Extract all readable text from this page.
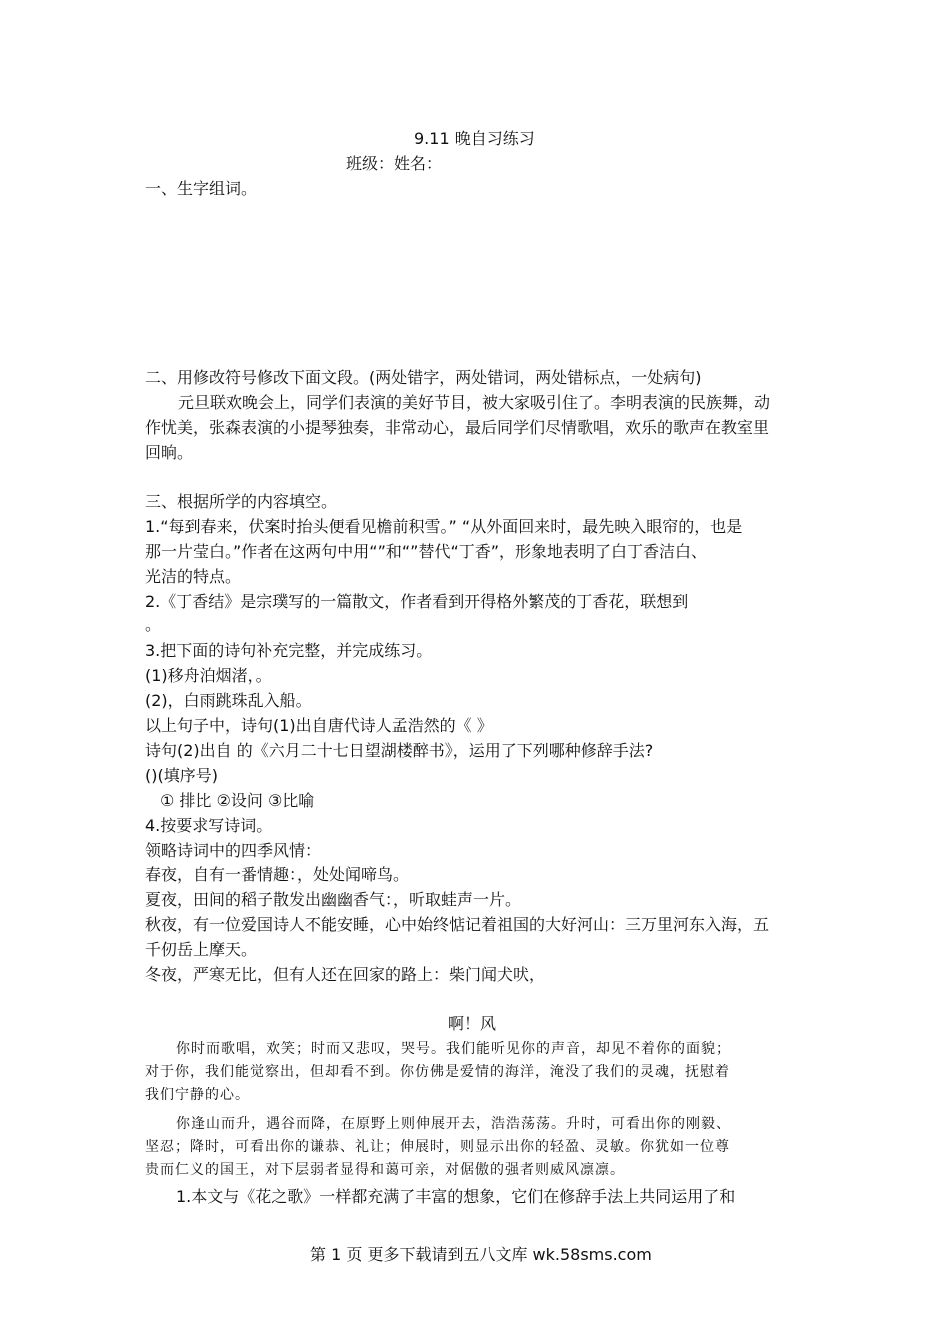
9.11 晚自习练习
班级：姓名：
一、生字组词。
二、用修改符号修改下面文段。(两处错字，两处错词，两处错标点，一处病句)
元旦联欢晚会上，同学们表演的美好节目，被大家吸引住了。李明表演的民族舞，动
作忧美，张森表演的小提琴独奏，非常动心，最后同学们尽情歌唱，欢乐的歌声在教室里
回晌。
三、根据所学的内容填空。
1.“每到春来，伏案时抬头便看见檐前积雪。” “从外面回来时，最先映入眼帘的，也是
那一片莹白。”作者在这两句中用“”和“”替代“丁香”，形象地表明了白丁香洁白、
光洁的特点。
2.《丁香结》是宗璞写的一篇散文，作者看到开得格外繁茂的丁香花，联想到
。
3.把下面的诗句补充完整，并完成练习。
(1)移舟泊烟渚，。
(2)，白雨跳珠乱入船。
以上句子中，诗句(1)出自唐代诗人孟浩然的《 》
诗句(2)出自 的《六月二十七日望湖楼醉书》，运用了下列哪种修辞手法?
()(填序号)
① 排比 ②设问 ③比喻
4.按要求写诗词。
领略诗词中的四季风情：
春夜，自有一番情趣：，处处闻啼鸟。
夏夜，田间的稻子散发出幽幽香气：，听取蛙声一片。
秋夜，有一位爱国诗人不能安睡，心中始终惦记着祖国的大好河山：三万里河东入海，五
千仞岳上摩天。
冬夜，严寒无比，但有人还在回家的路上：柴门闻犬吠，
啊！风
你时而歌唱，欢笑；时而又悲叹，哭号。我们能听见你的声音，却见不着你的面貌；
对于你，我们能觉察出，但却看不到。你仿佛是爱情的海洋，淹没了我们的灵魂，抚慰着
我们宁静的心。
你逢山而升，遇谷而降，在原野上则伸展开去，浩浩荡荡。升时，可看出你的刚毅、
坚忍；降时，可看出你的谦恭、礼让；伸展时，则显示出你的轻盈、灵敏。你犹如一位尊
贵而仁义的国王，对下层弱者显得和蔼可亲，对倨傲的强者则威风凛凛。
1.本文与《花之歌》一样都充满了丰富的想象，它们在修辞手法上共同运用了和
第 1 页 更多下载请到五八文库 wk.58sms.com
